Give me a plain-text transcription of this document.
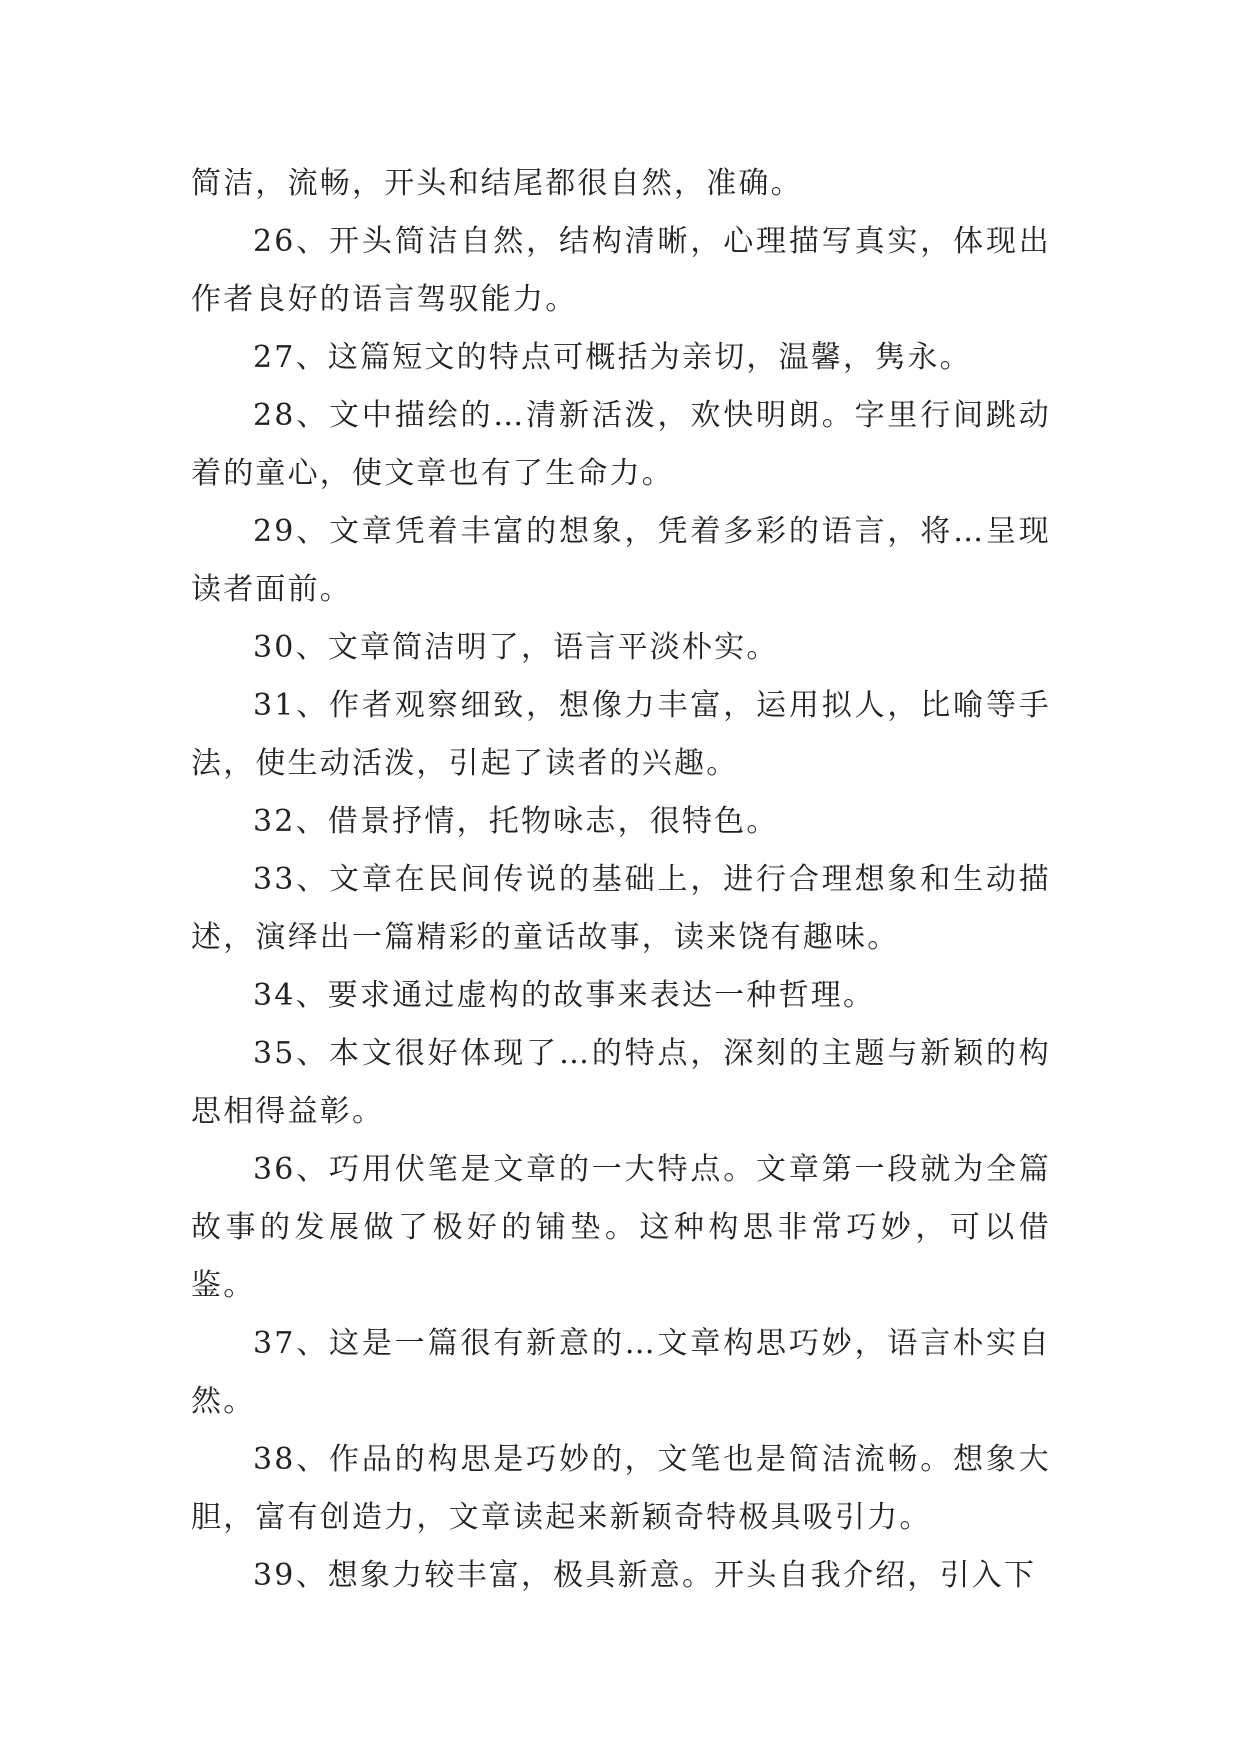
简洁，流畅，开头和结尾都很自然，准确。

26、开头简洁自然，结构清晰，心理描写真实，体现出作者良好的语言驾驭能力。

27、这篇短文的特点可概括为亲切，温馨，隽永。

28、文中描绘的…清新活泼，欢快明朗。字里行间跳动着的童心，使文章也有了生命力。

29、文章凭着丰富的想象，凭着多彩的语言，将…呈现读者面前。

30、文章简洁明了，语言平淡朴实。

31、作者观察细致，想像力丰富，运用拟人，比喻等手法，使生动活泼，引起了读者的兴趣。

32、借景抒情，托物咏志，很特色。

33、文章在民间传说的基础上，进行合理想象和生动描述，演绎出一篇精彩的童话故事，读来饶有趣味。

34、要求通过虚构的故事来表达一种哲理。

35、本文很好体现了…的特点，深刻的主题与新颖的构思相得益彰。

36、巧用伏笔是文章的一大特点。文章第一段就为全篇故事的发展做了极好的铺垫。这种构思非常巧妙，可以借鉴。

37、这是一篇很有新意的…文章构思巧妙，语言朴实自然。

38、作品的构思是巧妙的，文笔也是简洁流畅。想象大胆，富有创造力，文章读起来新颖奇特极具吸引力。

39、想象力较丰富，极具新意。开头自我介绍，引入下
